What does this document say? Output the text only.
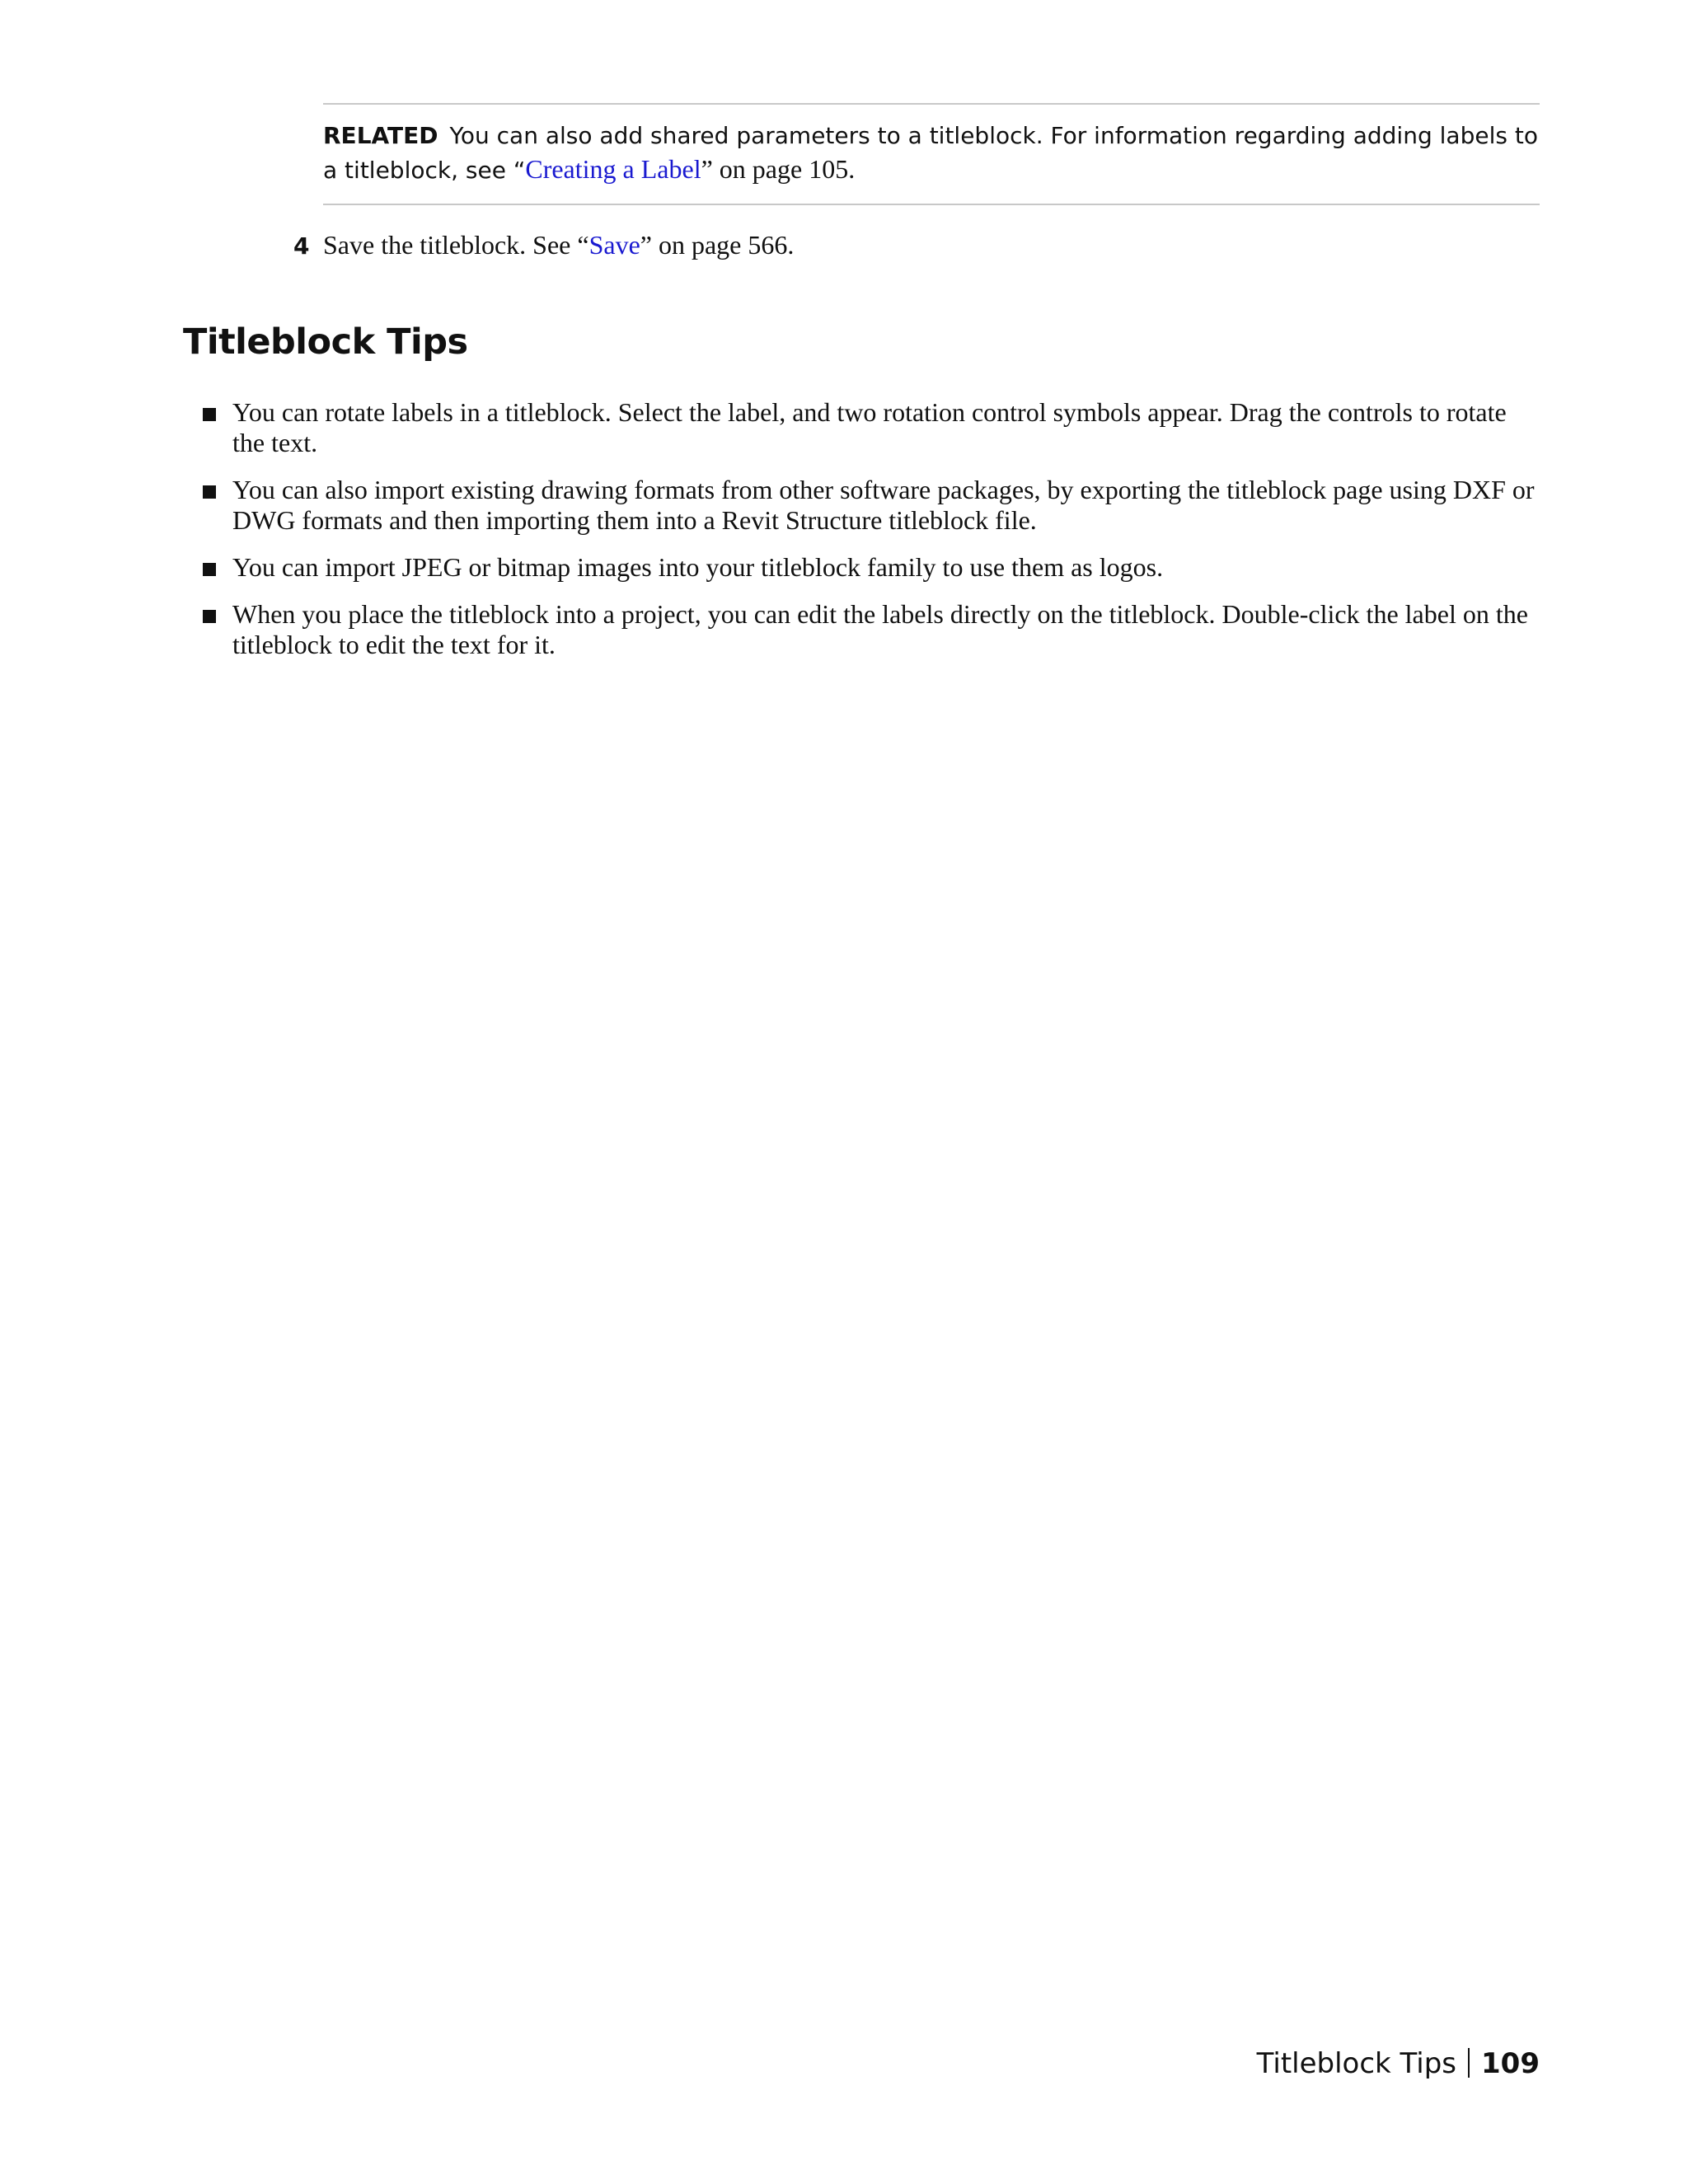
RELATED You can also add shared parameters to a titleblock. For information regarding adding labels to a titleblock, see “Creating a Label” on page 105.
4 Save the titleblock. See “Save” on page 566.
Titleblock Tips
You can rotate labels in a titleblock. Select the label, and two rotation control symbols appear. Drag the controls to rotate the text.
You can also import existing drawing formats from other software packages, by exporting the titleblock page using DXF or DWG formats and then importing them into a Revit Structure titleblock file.
You can import JPEG or bitmap images into your titleblock family to use them as logos.
When you place the titleblock into a project, you can edit the labels directly on the titleblock. Double-click the label on the titleblock to edit the text for it.
Titleblock Tips 109
